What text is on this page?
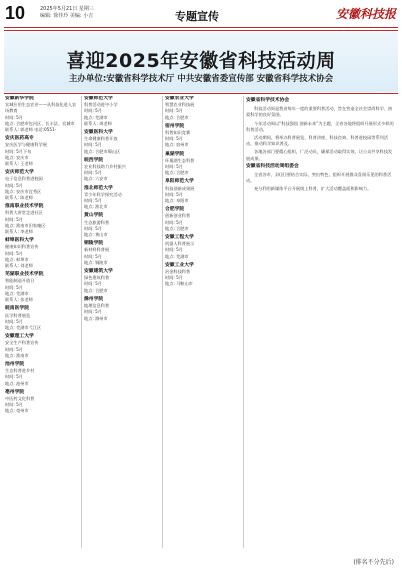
10	2025年5月21日 星期三
编辑: 徐佳玲 美编: 小吉	专题宣传	安徽科技报
喜迎2025年安徽省科技活动周
主办单位:安徽省科学技术厅 中共安徽省委宣传部 安徽省科学技术协会
安徽新华学院
宣城应用生态农业——从科技化进入农场教育
时间: 5月
地点: 合肥市包河区、长丰县、宣城市
联系人: 郭老师 电话:0551-
安庆医药高专
安庆医学与健康科学展
时间: 5月下旬
地点: 安庆市
联系人: 王老师
安庆师范大学
电子信息科普进校园
时间: 5月
地点: 安庆市宜秀区
联系人: 陈老师
淮南职业技术学院
科普大讲堂走进社区
时间: 5月
地点: 淮南市田家庵区
联系人: 李老师
蚌埠医科大学
健康知识科普宣传
时间: 5月
地点: 蚌埠市
联系人: 刘老师
芜湖职业技术学院
智能制造开放日
时间: 5月
地点: 芜湖市
联系人: 张老师
皖南医学院
医学科普展览
时间: 5月
地点: 芜湖市弋江区
安徽理工大学
安全生产科普宣传
时间: 5月
地点: 淮南市
池州学院
生态科普进乡村
时间: 5月
地点: 池州市
亳州学院
中医药文化科普
时间: 5月
地点: 亳州市
安徽师范大学
科普活动进中小学
时间: 5月
地点: 芜湖市
联系人: 周老师
安徽医科大学
生命健康科普开放
时间: 5月
地点: 合肥市蜀山区
皖西学院
农业科技助力乡村振兴
时间: 5月
地点: 六安市
淮北师范大学
青少年科学探究活动
时间: 5月
地点: 淮北市
黄山学院
生态旅游科普
时间: 5月
地点: 黄山市
铜陵学院
新材料科普展
时间: 5月
地点: 铜陵市
安徽建筑大学
绿色建筑科普
时间: 5月
地点: 合肥市
滁州学院
地理信息科普
时间: 5月
地点: 滁州市
安徽农业大学
智慧农业科技展
时间: 5月
地点: 合肥市
宿州学院
科普知识竞赛
时间: 5月
地点: 宿州市
巢湖学院
环巢湖生态科普
时间: 5月
地点: 合肥市
阜阳师范大学
科技创新成果展
时间: 5月
地点: 阜阳市
合肥学院
创新创业科普
时间: 5月
地点: 合肥市
安徽工程大学
机器人科普展示
时间: 5月
地点: 芜湖市
安徽工业大学
冶金科技科普
时间: 5月
地点: 马鞍山市
安徽省科学技术协会
科技活动周是我省每年一度的重要科普活动，旨在营造全社会崇尚科学、热爱科学的良好氛围。
今年活动周以“科技强国 创新未来”为主题，全省各地将组织开展形式多样的科普活动。
活动期间，将举办科普展览、科普讲座、科技咨询、科普进校园等系列活动，推动科学知识普及。
各地各部门要精心组织，广泛动员，确保活动取得实效，让公众共享科技发展成果。
安徽省科技活动周组委会
全省各市、县(区)要结合实际，突出特色，组织开展群众喜闻乐见的科普活动。
充分利用新媒体平台开展线上科普，扩大活动覆盖面和影响力。
(排名不分先后)
